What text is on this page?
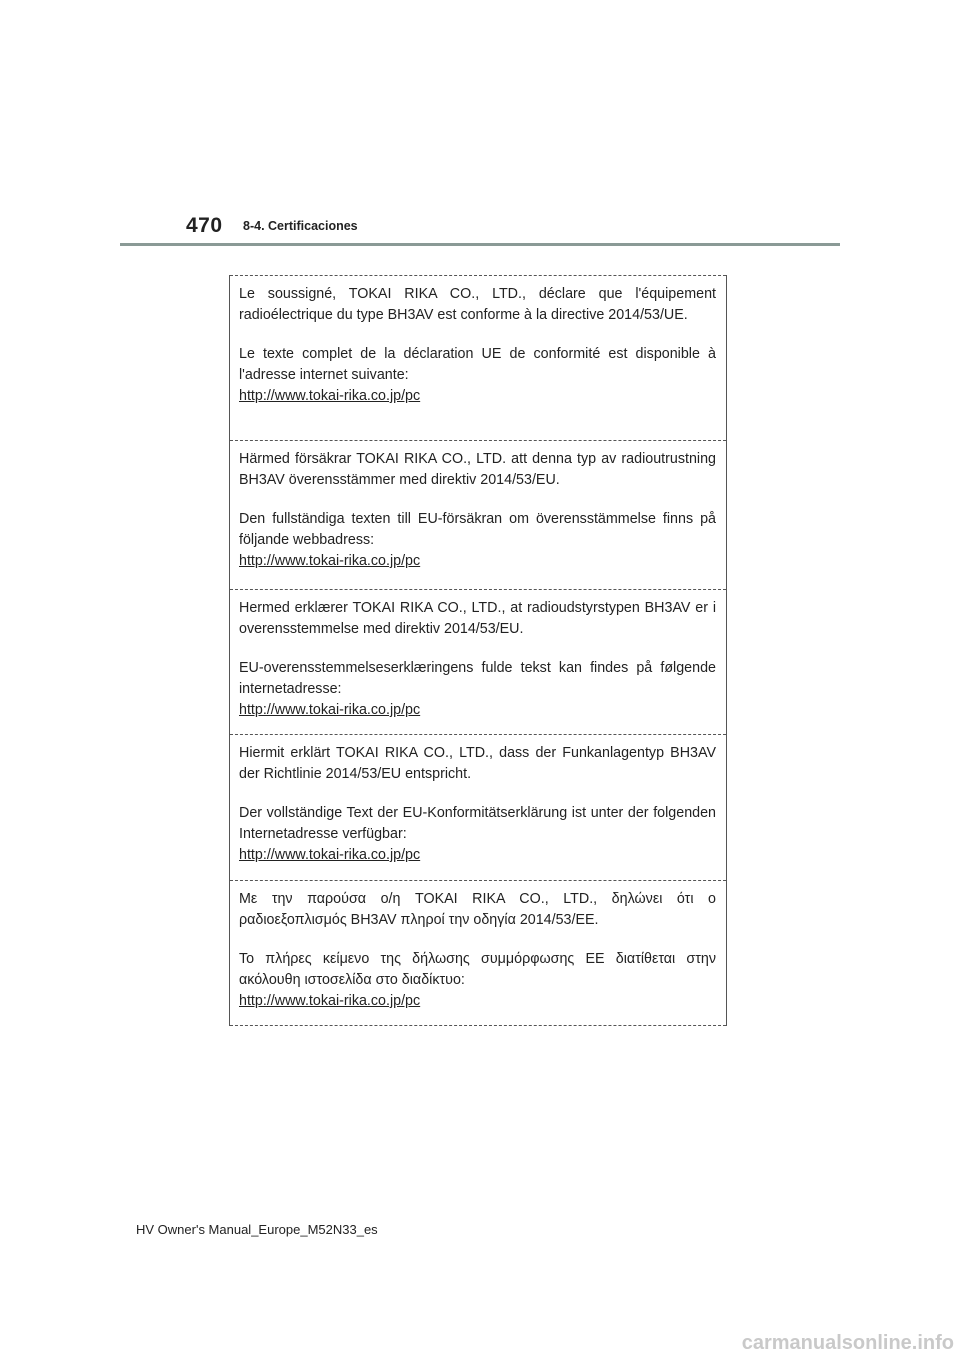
470 8-4. Certificaciones

Le soussigné, TOKAI RIKA CO., LTD., déclare que l'équipement radioélectrique du type BH3AV est conforme à la directive 2014/53/UE.

Le texte complet de la déclaration UE de conformité est disponible à l'adresse internet suivante:

http://www.tokai-rika.co.jp/pc

Härmed försäkrar TOKAI RIKA CO., LTD. att denna typ av radioutrustning BH3AV överensstämmer med direktiv 2014/53/EU.

Den fullständiga texten till EU-försäkran om överensstämmelse finns på följande webbadress:

http://www.tokai-rika.co.jp/pc

Hermed erklærer TOKAI RIKA CO., LTD., at radioudstyrstypen BH3AV er i overensstemmelse med direktiv 2014/53/EU.

EU-overensstemmelseserklæringens fulde tekst kan findes på følgende internetadresse:

http://www.tokai-rika.co.jp/pc

Hiermit erklärt TOKAI RIKA CO., LTD., dass der Funkanlagentyp BH3AV der Richtlinie 2014/53/EU entspricht.

Der vollständige Text der EU-Konformitätserklärung ist unter der folgenden Internetadresse verfügbar:

http://www.tokai-rika.co.jp/pc

Με την παρούσα ο/η TOKAI RIKA CO., LTD., δηλώνει ότι ο ραδιοεξοπλισμός BH3AV πληροί την οδηγία 2014/53/ΕΕ.

Το πλήρες κείμενο της δήλωσης συμμόρφωσης ΕΕ διατίθεται στην ακόλουθη ιστοσελίδα στο διαδίκτυο:

http://www.tokai-rika.co.jp/pc
HV Owner's Manual_Europe_M52N33_es
carmanualsonline.info
